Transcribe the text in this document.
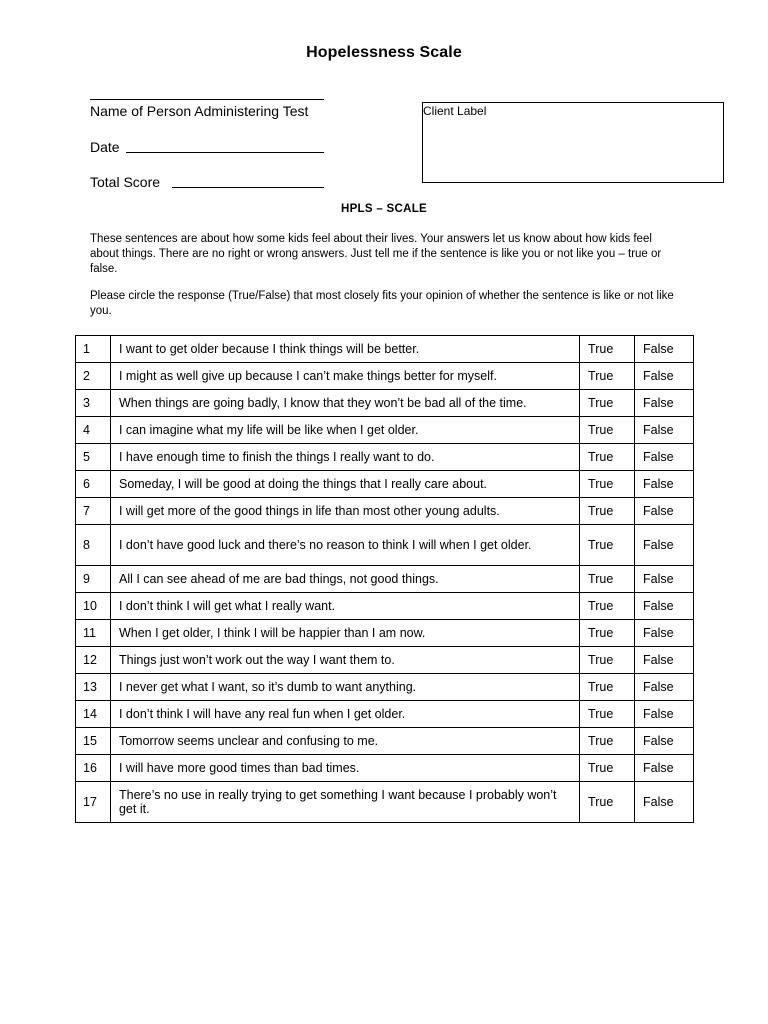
Hopelessness Scale
Name of Person Administering Test
Date
Total Score
Client Label
HPLS – SCALE
These sentences are about how some kids feel about their lives. Your answers let us know about how kids feel about things. There are no right or wrong answers. Just tell me if the sentence is like you or not like you – true or false.
Please circle the response (True/False) that most closely fits your opinion of whether the sentence is like or not like you.
1	I want to get older because I think things will be better.	True	False
2	I might as well give up because I can’t make things better for myself.	True	False
3	When things are going badly, I know that they won’t be bad all of the time.	True	False
4	I can imagine what my life will be like when I get older.	True	False
5	I have enough time to finish the things I really want to do.	True	False
6	Someday, I will be good at doing the things that I really care about.	True	False
7	I will get more of the good things in life than most other young adults.	True	False
8	I don’t have good luck and there’s no reason to think I will when I get older.	True	False
9	All I can see ahead of me are bad things, not good things.	True	False
10	I don’t think I will get what I really want.	True	False
11	When I get older, I think I will be happier than I am now.	True	False
12	Things just won’t work out the way I want them to.	True	False
13	I never get what I want, so it’s dumb to want anything.	True	False
14	I don’t think I will have any real fun when I get older.	True	False
15	Tomorrow seems unclear and confusing to me.	True	False
16	I will have more good times than bad times.	True	False
17	There’s no use in really trying to get something I want because I probably won’t get it.	True	False
